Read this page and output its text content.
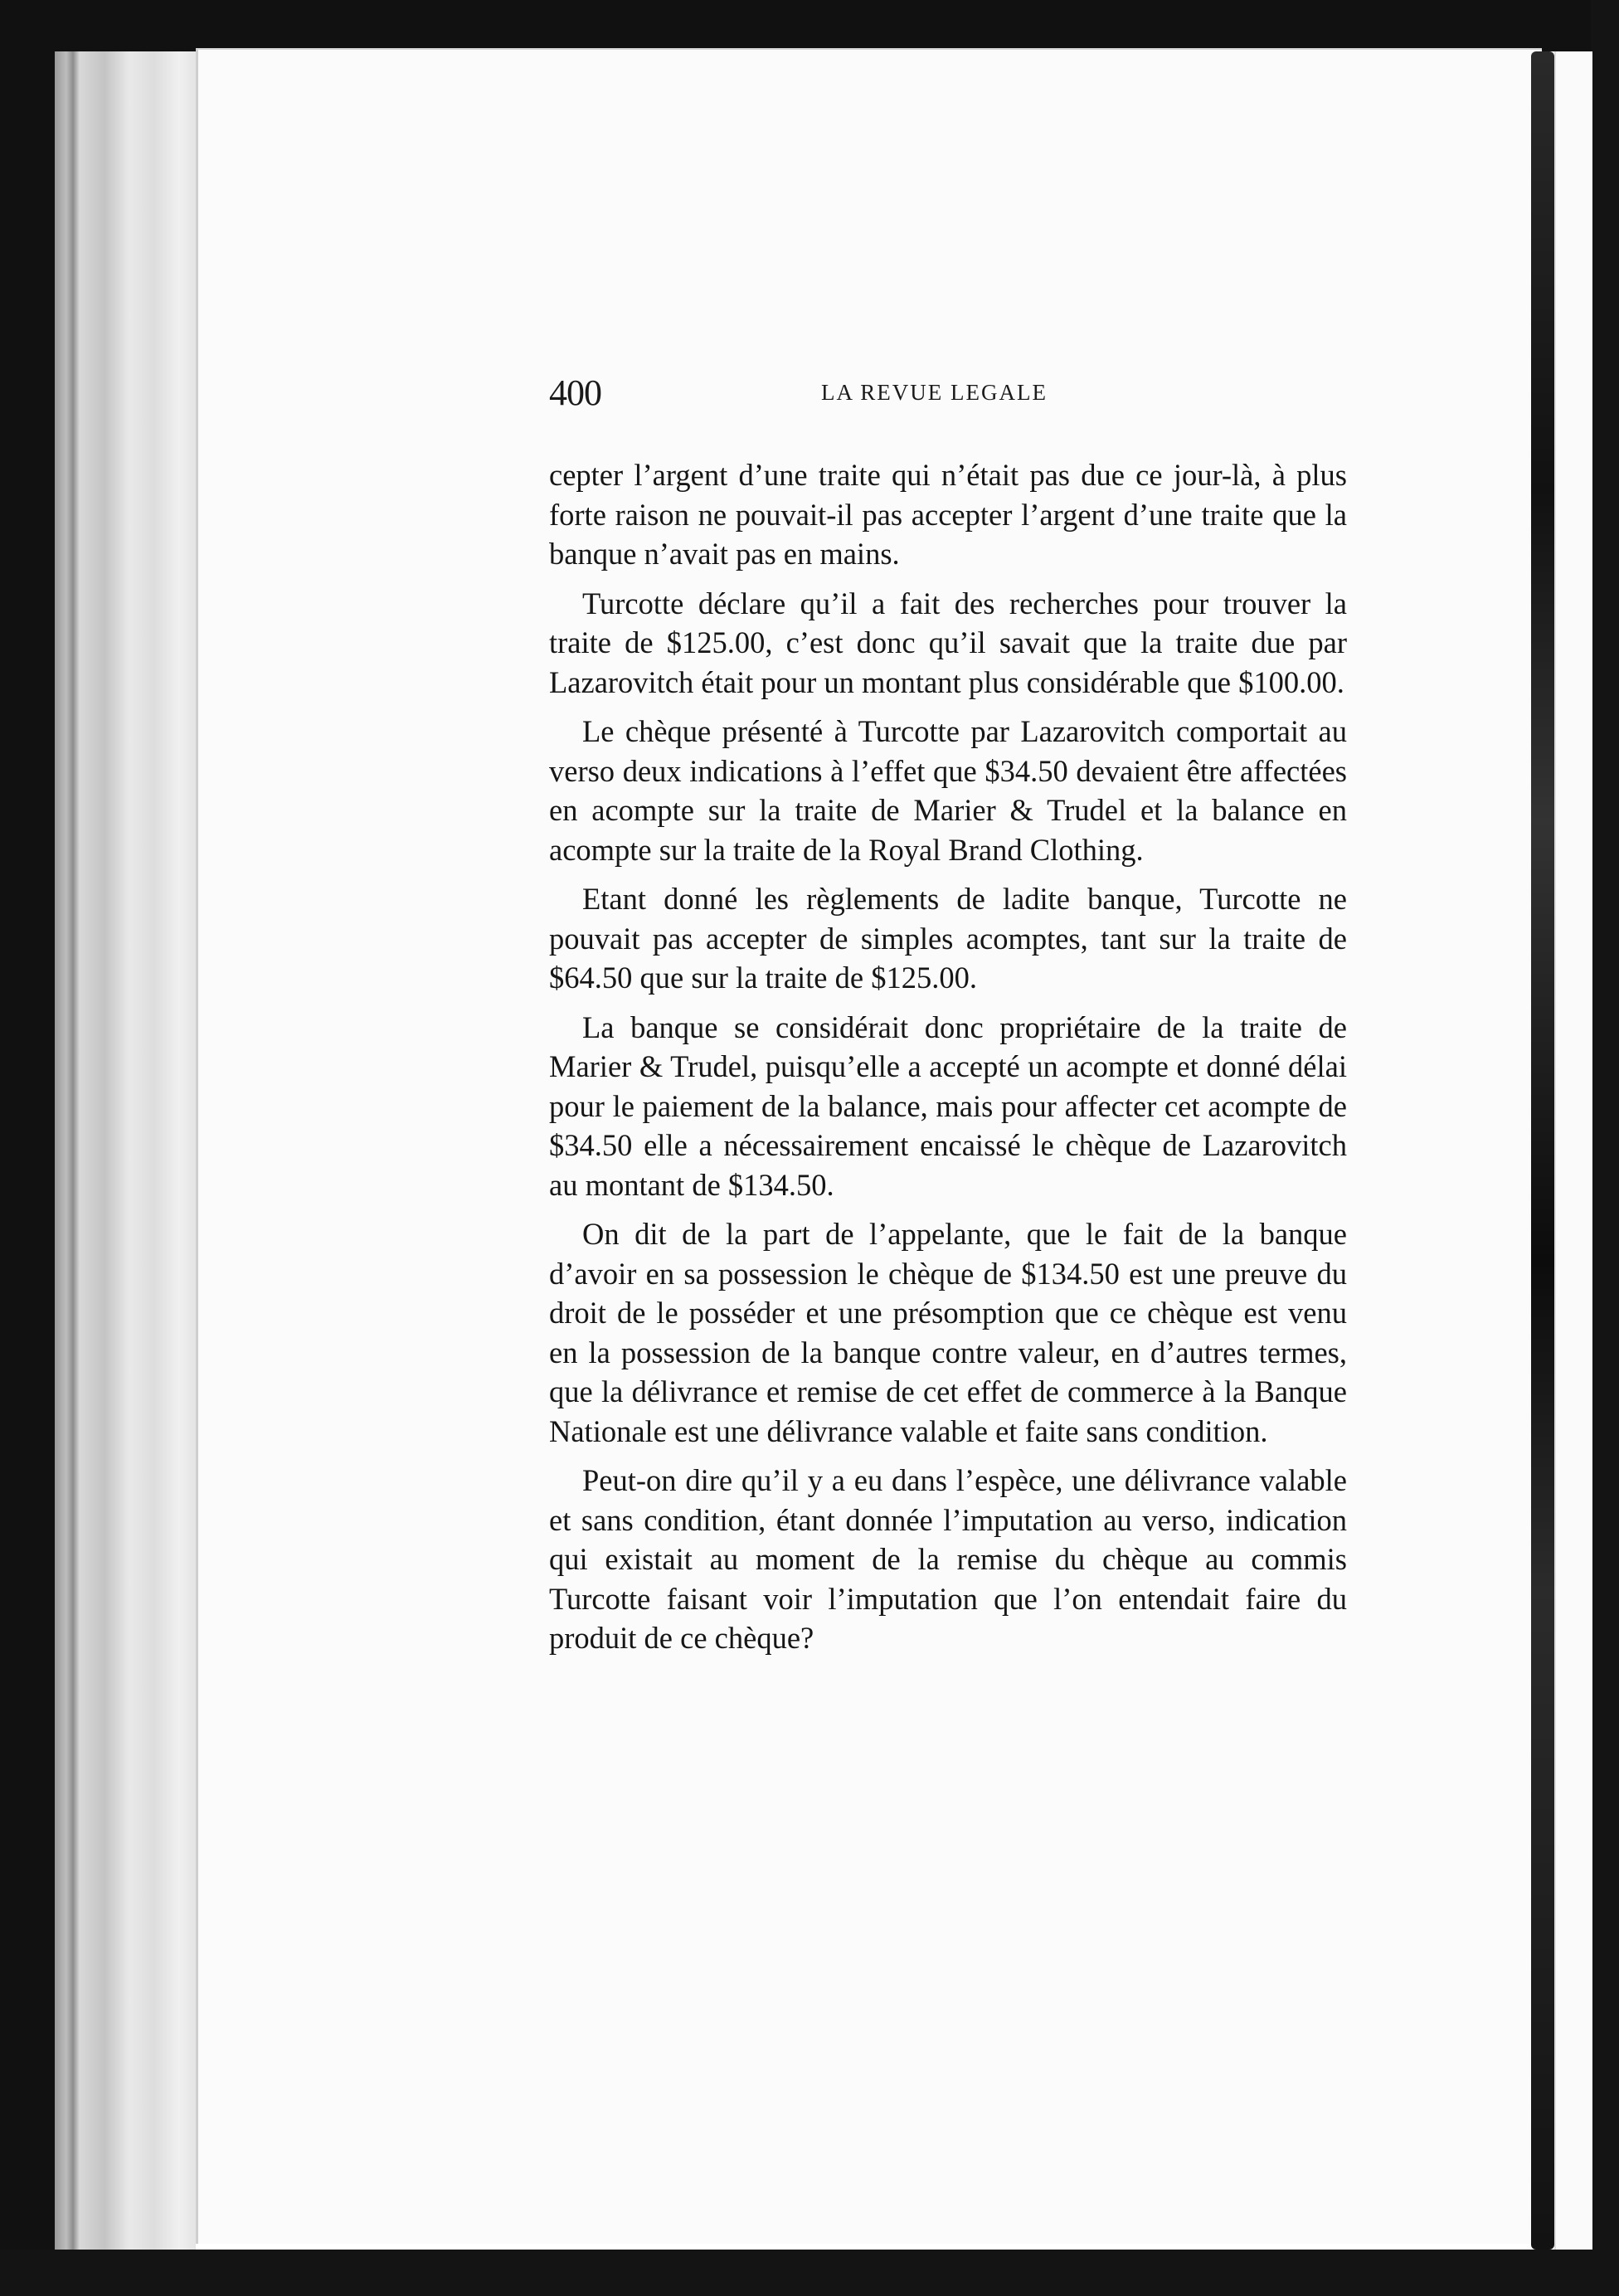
400	LA REVUE LEGALE

cepter l’argent d’une traite qui n’était pas due ce jour-là, à plus forte raison ne pouvait-il pas accepter l’argent d’une traite que la banque n’avait pas en mains.

Turcotte déclare qu’il a fait des recherches pour trouver la traite de $125.00, c’est donc qu’il savait que la traite due par Lazarovitch était pour un montant plus considérable que $100.00.

Le chèque présenté à Turcotte par Lazarovitch comportait au verso deux indications à l’effet que $34.50 devaient être affectées en acompte sur la traite de Marier & Trudel et la balance en acompte sur la traite de la Royal Brand Clothing.

Etant donné les règlements de ladite banque, Turcotte ne pouvait pas accepter de simples acomptes, tant sur la traite de $64.50 que sur la traite de $125.00.

La banque se considérait donc propriétaire de la traite de Marier & Trudel, puisqu’elle a accepté un acompte et donné délai pour le paiement de la balance, mais pour affecter cet acompte de $34.50 elle a nécessairement encaissé le chèque de Lazarovitch au montant de $134.50.

On dit de la part de l’appelante, que le fait de la banque d’avoir en sa possession le chèque de $134.50 est une preuve du droit de le posséder et une présomption que ce chèque est venu en la possession de la banque contre valeur, en d’autres termes, que la délivrance et remise de cet effet de commerce à la Banque Nationale est une délivrance valable et faite sans condition.

Peut-on dire qu’il y a eu dans l’espèce, une délivrance valable et sans condition, étant donnée l’imputation au verso, indication qui existait au moment de la remise du chèque au commis Turcotte faisant voir l’imputation que l’on entendait faire du produit de ce chèque?
